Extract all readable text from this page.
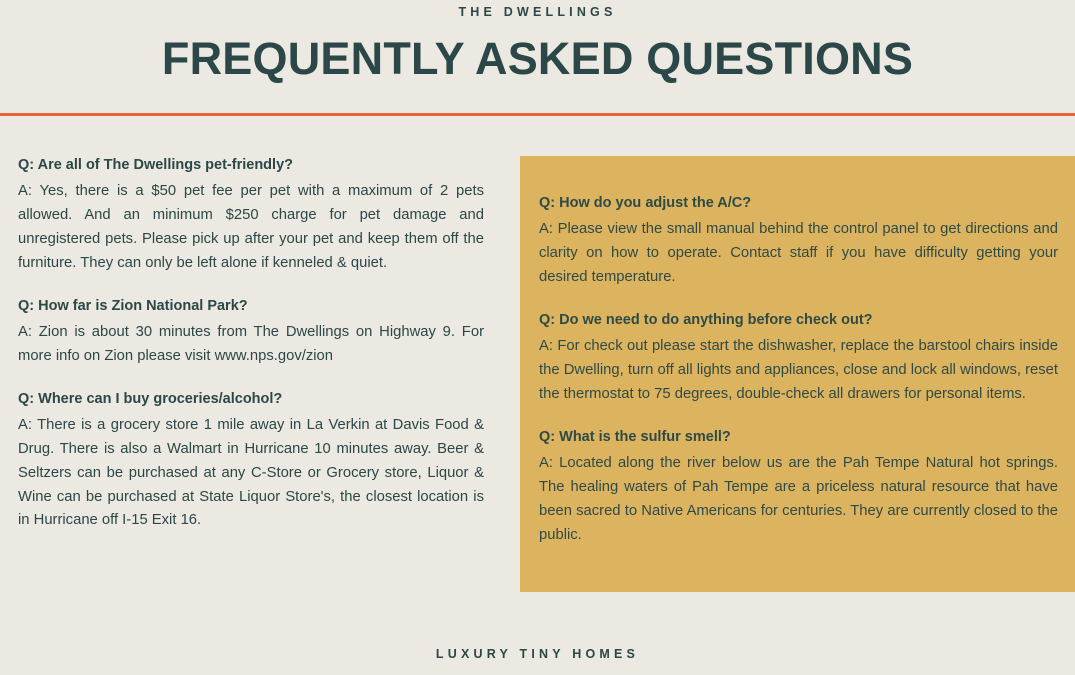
THE DWELLINGS
FREQUENTLY ASKED QUESTIONS

Q: Are all of The Dwellings pet-friendly?

A: Yes, there is a $50 pet fee per pet with a maximum of 2 pets allowed. And an minimum $250 charge for pet damage and unregistered pets. Please pick up after your pet and keep them off the furniture. They can only be left alone if kenneled & quiet.

Q: How far is Zion National Park?

A: Zion is about 30 minutes from The Dwellings on Highway 9. For more info on Zion please visit www.nps.gov/zion

Q: Where can I buy groceries/alcohol?

A: There is a grocery store 1 mile away in La Verkin at Davis Food & Drug. There is also a Walmart in Hurricane 10 minutes away. Beer & Seltzers can be purchased at any C-Store or Grocery store, Liquor & Wine can be purchased at State Liquor Store's, the closest location is in Hurricane off I-15 Exit 16.

Q: How do you adjust the A/C?

A: Please view the small manual behind the control panel to get directions and clarity on how to operate. Contact staff if you have difficulty getting your desired temperature.

Q: Do we need to do anything before check out?

A: For check out please start the dishwasher, replace the barstool chairs inside the Dwelling, turn off all lights and appliances, close and lock all windows, reset the thermostat to 75 degrees, double-check all drawers for personal items.

Q: What is the sulfur smell?

A: Located along the river below us are the Pah Tempe Natural hot springs. The healing waters of Pah Tempe are a priceless natural resource that have been sacred to Native Americans for centuries. They are currently closed to the public.

LUXURY TINY HOMES
